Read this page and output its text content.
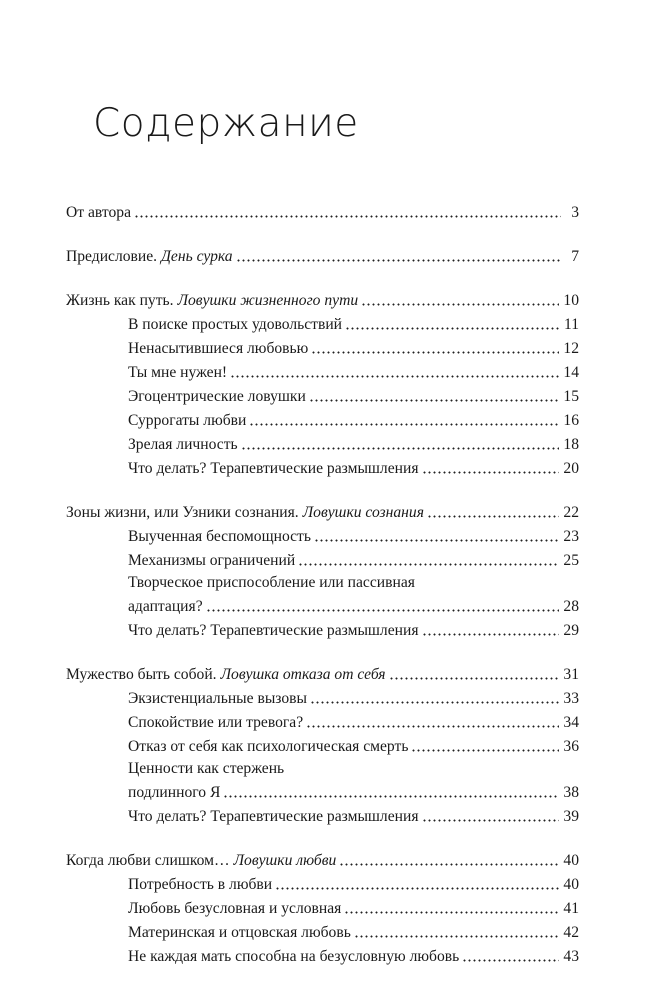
Содержание
От автора	3
Предисловие. День сурка	7
Жизнь как путь. Ловушки жизненного пути	10
В поиске простых удовольствий	11
Ненасытившиеся любовью	12
Ты мне нужен!	14
Эгоцентрические ловушки	15
Суррогаты любви	16
Зрелая личность	18
Что делать? Терапевтические размышления	20
Зоны жизни, или Узники сознания. Ловушки сознания	22
Выученная беспомощность	23
Механизмы ограничений	25
Творческое приспособление или пассивная
адаптация?	28
Что делать? Терапевтические размышления	29
Мужество быть собой. Ловушка отказа от себя	31
Экзистенциальные вызовы	33
Спокойствие или тревога?	34
Отказ от себя как психологическая смерть	36
Ценности как стержень
подлинного Я	38
Что делать? Терапевтические размышления	39
Когда любви слишком… Ловушки любви	40
Потребность в любви	40
Любовь безусловная и условная	41
Материнская и отцовская любовь	42
Не каждая мать способна на безусловную любовь	43
